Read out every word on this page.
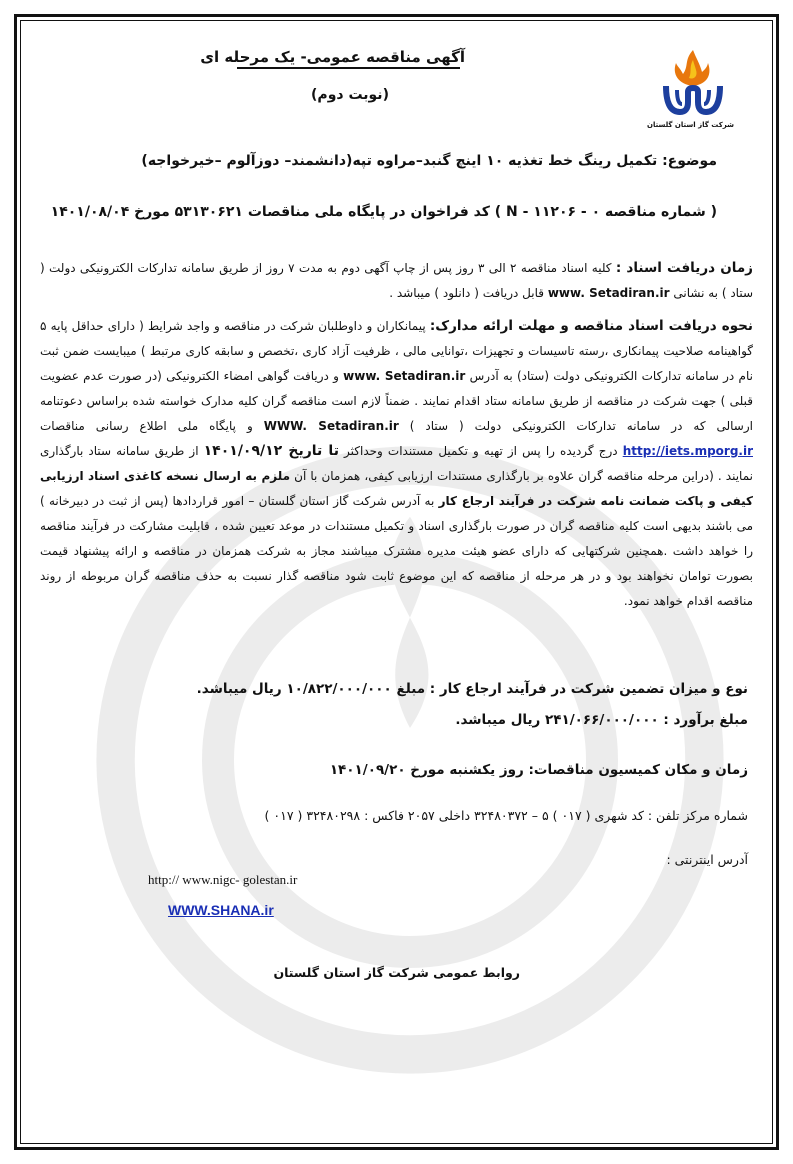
شرکت گاز استان گلستان
آگهی مناقصه عمومی- یک مرحله ای
(نوبت دوم)
موضوع: تکمیل رینگ خط تغذیه ۱۰ اینچ گنبد–مراوه تپه(دانشمند– دوزآلوم –خیرخواجه)
( شماره مناقصه N - ۱۱۲۰۶ - ۰ ) کد فراخوان در پایگاه ملی مناقصات ۵۳۱۳۰۶۲۱ مورخ ۱۴۰۱/۰۸/۰۴
زمان دریافت اسناد : کلیه اسناد مناقصه ۲ الی ۳ روز پس از چاپ آگهی دوم به مدت ۷ روز از طریق سامانه تدارکات الکترونیکی دولت ( ستاد ) به نشانی www. Setadiran.ir قابل دریافت ( دانلود ) میباشد .
نحوه دریافت اسناد مناقصه و مهلت ارائه مدارک: پیمانکاران و داوطلبان شرکت در مناقصه و واجد شرایط ( دارای حداقل پایه ۵ گواهینامه صلاحیت پیمانکاری ،رسته تاسیسات و تجهیزات ،توانایی مالی ، ظرفیت آزاد کاری ،تخصص و سابقه کاری مرتبط ) میبایست ضمن ثبت نام در سامانه تدارکات الکترونیکی دولت (ستاد) به آدرس www. Setadiran.ir و دریافت گواهی امضاء الکترونیکی (در صورت عدم عضویت قبلی ) جهت شرکت در مناقصه از طریق سامانه ستاد اقدام نمایند . ضمناً لازم است مناقصه گران کلیه مدارک خواسته شده براساس دعوتنامه ارسالی که در سامانه تدارکات الکترونیکی دولت ( ستاد ) WWW. Setadiran.ir و پایگاه ملی اطلاع رسانی مناقصات http://iets.mporg.ir درج گردیده را پس از تهیه و تکمیل مستندات وحداکثر تا تاریخ ۱۴۰۱/۰۹/۱۲ از طریق سامانه ستاد بارگذاری نمایند . (دراین مرحله مناقصه گران علاوه بر بارگذاری مستندات ارزیابی کیفی، همزمان با آن ملزم به ارسال نسخه کاغذی اسناد ارزیابی کیفی و پاکت ضمانت نامه شرکت در فرآیند ارجاع کار به آدرس شرکت گاز استان گلستان – امور قراردادها (پس از ثبت در دبیرخانه ) می باشند بدیهی است کلیه مناقصه گران در صورت بارگذاری اسناد و تکمیل مستندات در موعد تعیین شده ، قابلیت مشارکت در فرآیند مناقصه را خواهد داشت .همچنین شرکتهایی که دارای عضو هیئت مدیره مشترک میباشند مجاز به شرکت همزمان در مناقصه و ارائه پیشنهاد قیمت بصورت توامان نخواهند بود و در هر مرحله از مناقصه که این موضوع ثابت شود مناقصه گذار نسبت به حذف مناقصه گران مربوطه از روند مناقصه اقدام خواهد نمود.
نوع و میزان تضمین شرکت در فرآیند ارجاع کار : مبلغ ۱۰/۸۲۲/۰۰۰/۰۰۰ ریال میباشد.
مبلغ برآورد : ۲۴۱/۰۶۶/۰۰۰/۰۰۰ ریال میباشد.
زمان و مکان کمیسیون مناقصات: روز یکشنبه مورخ ۱۴۰۱/۰۹/۲۰
شماره مرکز تلفن : کد شهری ( ۰۱۷ ) ۵ – ۳۲۴۸۰۳۷۲ داخلی ۲۰۵۷ فاکس : ۳۲۴۸۰۲۹۸ ( ۰۱۷ )
آدرس اینترنتی :
http:// www.nigc- golestan.ir
WWW.SHANA.ir
روابط عمومی شرکت گاز استان گلستان
